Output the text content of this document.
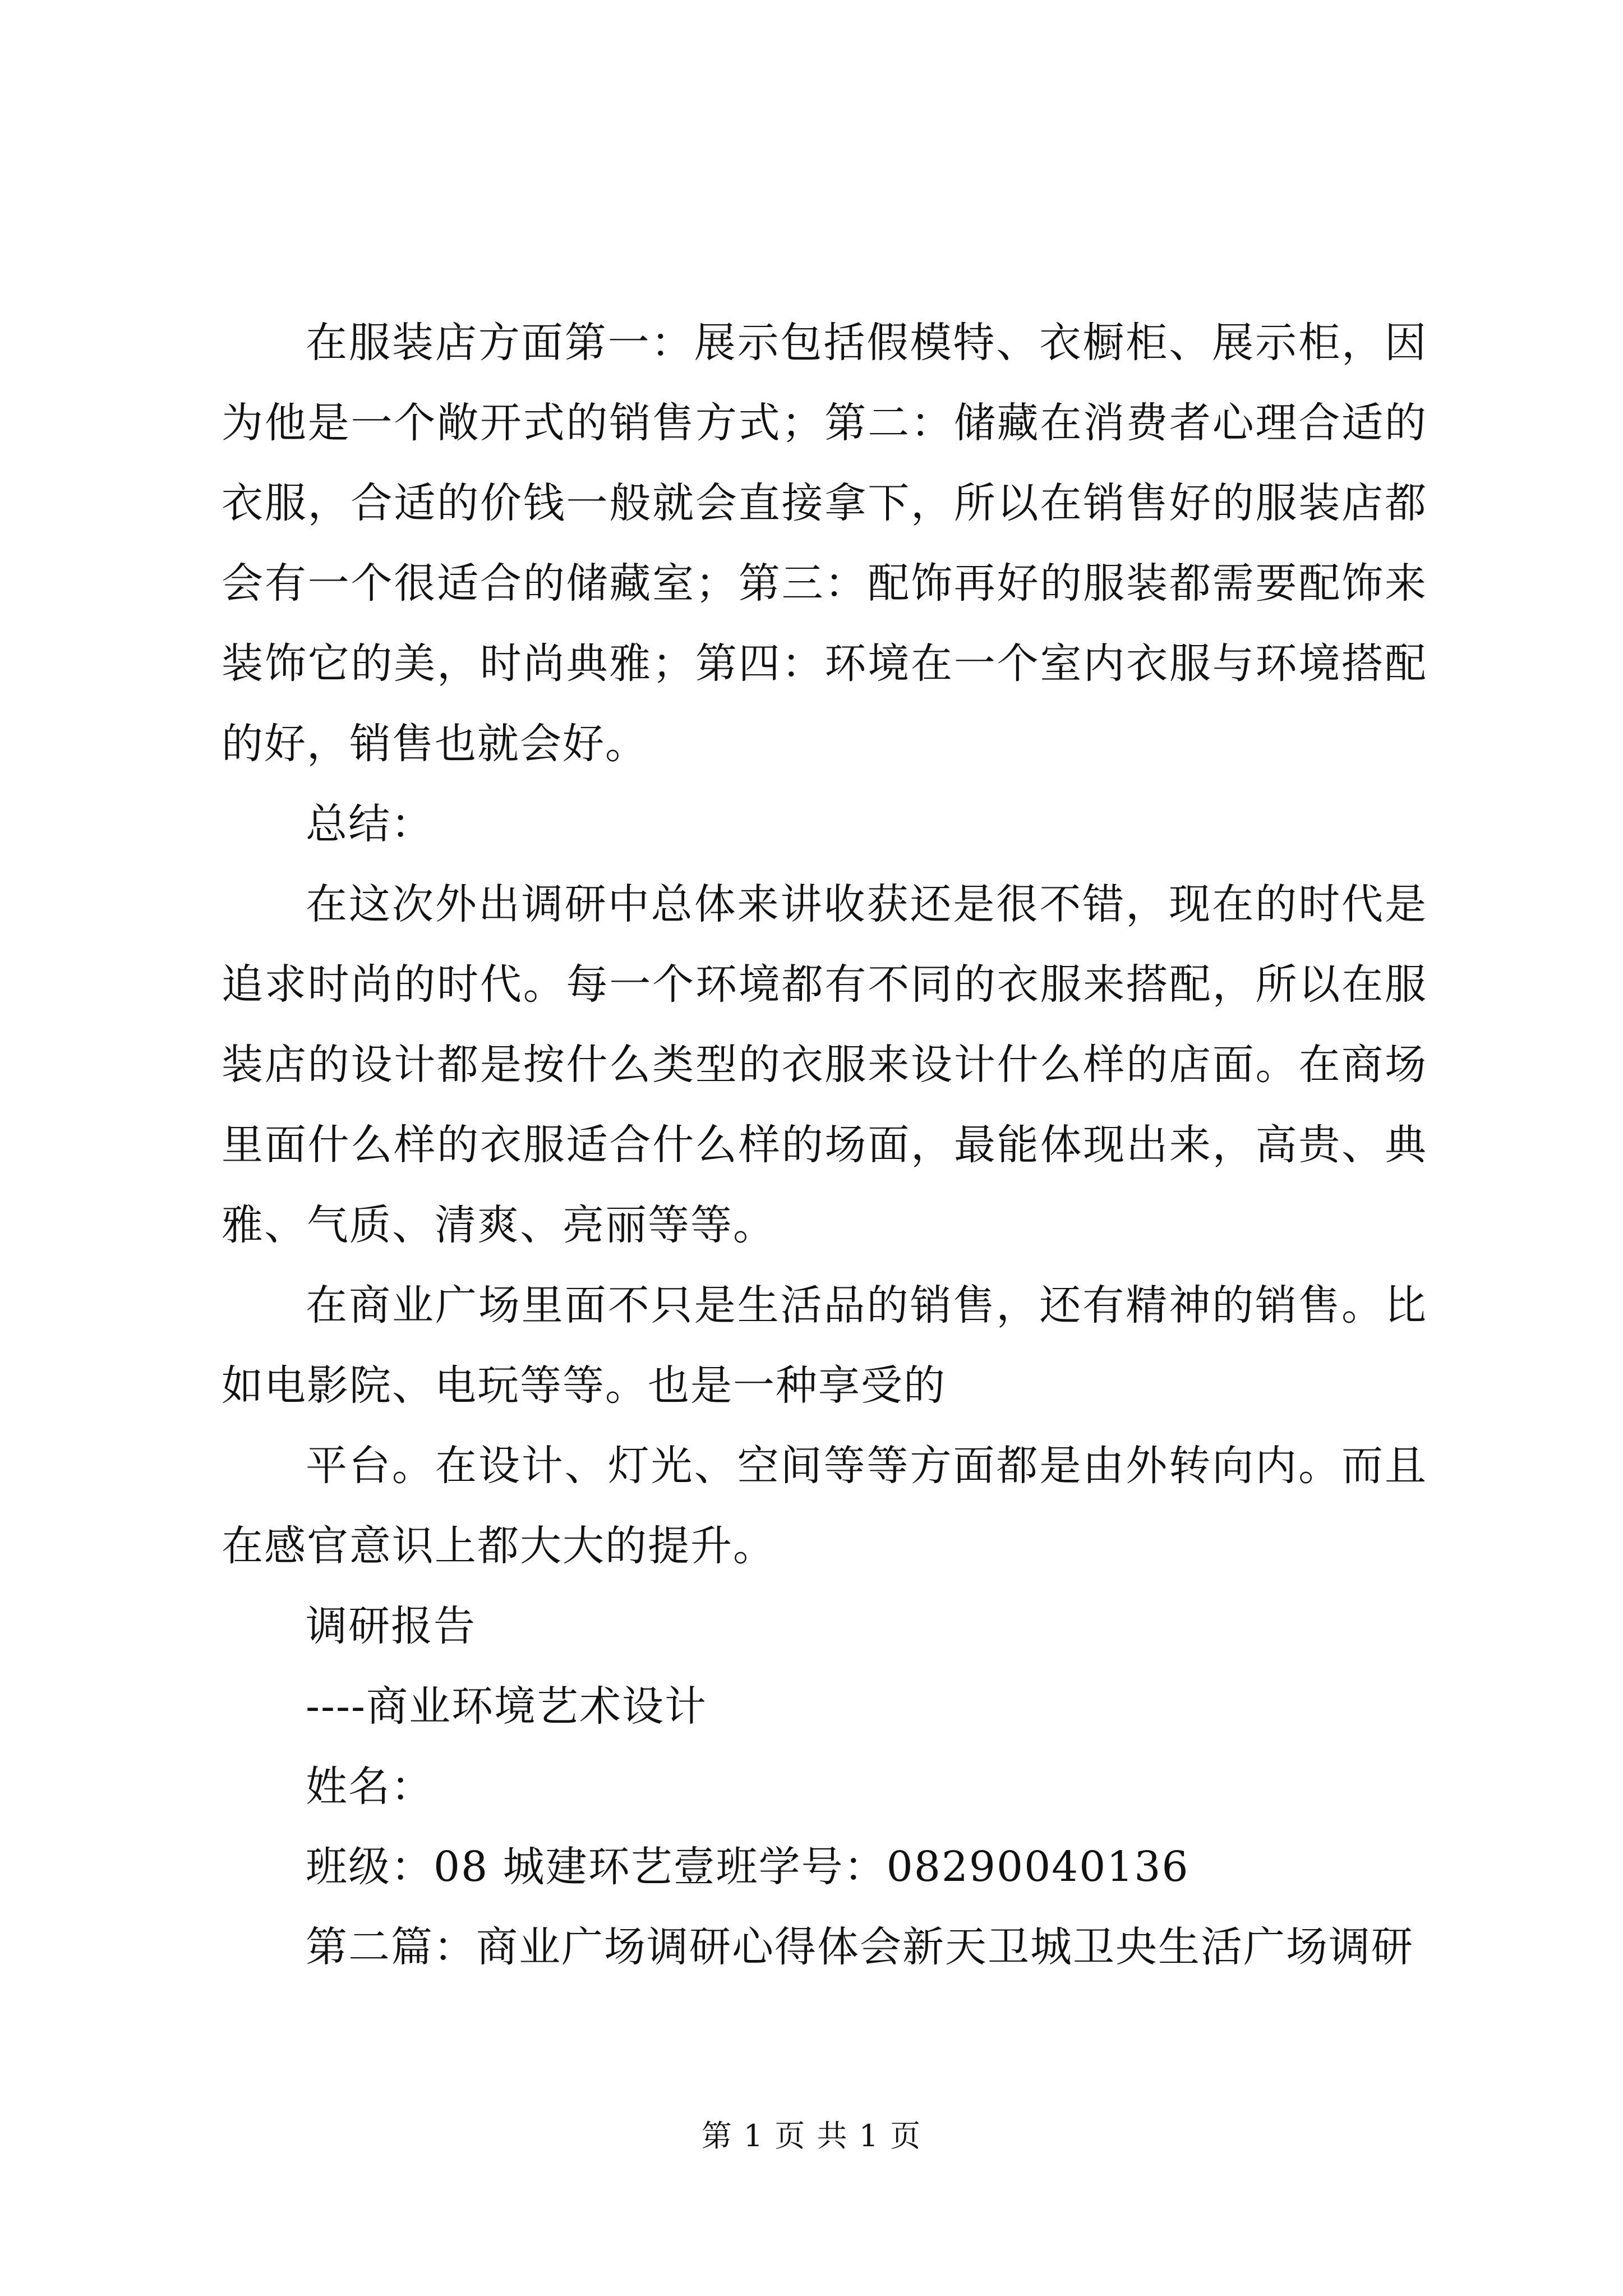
在服装店方面第一：展示包括假模特、衣橱柜、展示柜，因为他是一个敞开式的销售方式；第二：储藏在消费者心理合适的衣服，合适的价钱一般就会直接拿下，所以在销售好的服装店都会有一个很适合的储藏室；第三：配饰再好的服装都需要配饰来装饰它的美，时尚典雅；第四：环境在一个室内衣服与环境搭配的好，销售也就会好。

总结：

在这次外出调研中总体来讲收获还是很不错，现在的时代是追求时尚的时代。每一个环境都有不同的衣服来搭配，所以在服装店的设计都是按什么类型的衣服来设计什么样的店面。在商场里面什么样的衣服适合什么样的场面，最能体现出来，高贵、典雅、气质、清爽、亮丽等等。

在商业广场里面不只是生活品的销售，还有精神的销售。比如电影院、电玩等等。也是一种享受的

平台。在设计、灯光、空间等等方面都是由外转向内。而且在感官意识上都大大的提升。

调研报告

----商业环境艺术设计

姓名：

班级：08 城建环艺壹班学号：08290040136

第二篇：商业广场调研心得体会新天卫城卫央生活广场调研

第 1 页 共 1 页
